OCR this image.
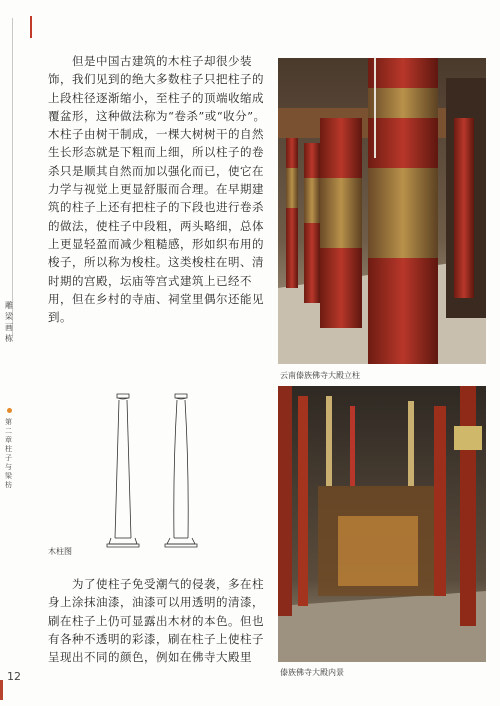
雕梁画栋
第二章 柱子与梁枋
但是中国古建筑的木柱子却很少装饰，我们见到的绝大多数柱子只把柱子的上段柱径逐渐缩小，至柱子的顶端收缩成覆盆形，这种做法称为“卷杀”或“收分”。木柱子由树干制成，一棵大树树干的自然生长形态就是下粗而上细，所以柱子的卷杀只是顺其自然而加以强化而已，使它在力学与视觉上更显舒服而合理。在早期建筑的柱子上还有把柱子的下段也进行卷杀的做法，使柱子中段粗，两头略细，总体上更显轻盈而减少粗糙感，形如织布用的梭子，所以称为梭柱。这类梭柱在明、清时期的宫殿，坛庙等宫式建筑上已经不用，但在乡村的寺庙、祠堂里偶尔还能见到。
木柱图
为了使柱子免受潮气的侵袭，多在柱身上涂抹油漆，油漆可以用透明的清漆，刷在柱子上仍可显露出木材的本色。但也有各种不透明的彩漆，刷在柱子上使柱子呈现出不同的颜色，例如在佛寺大殿里
云南傣族佛寺大殿立柱
傣族佛寺大殿内景
12
